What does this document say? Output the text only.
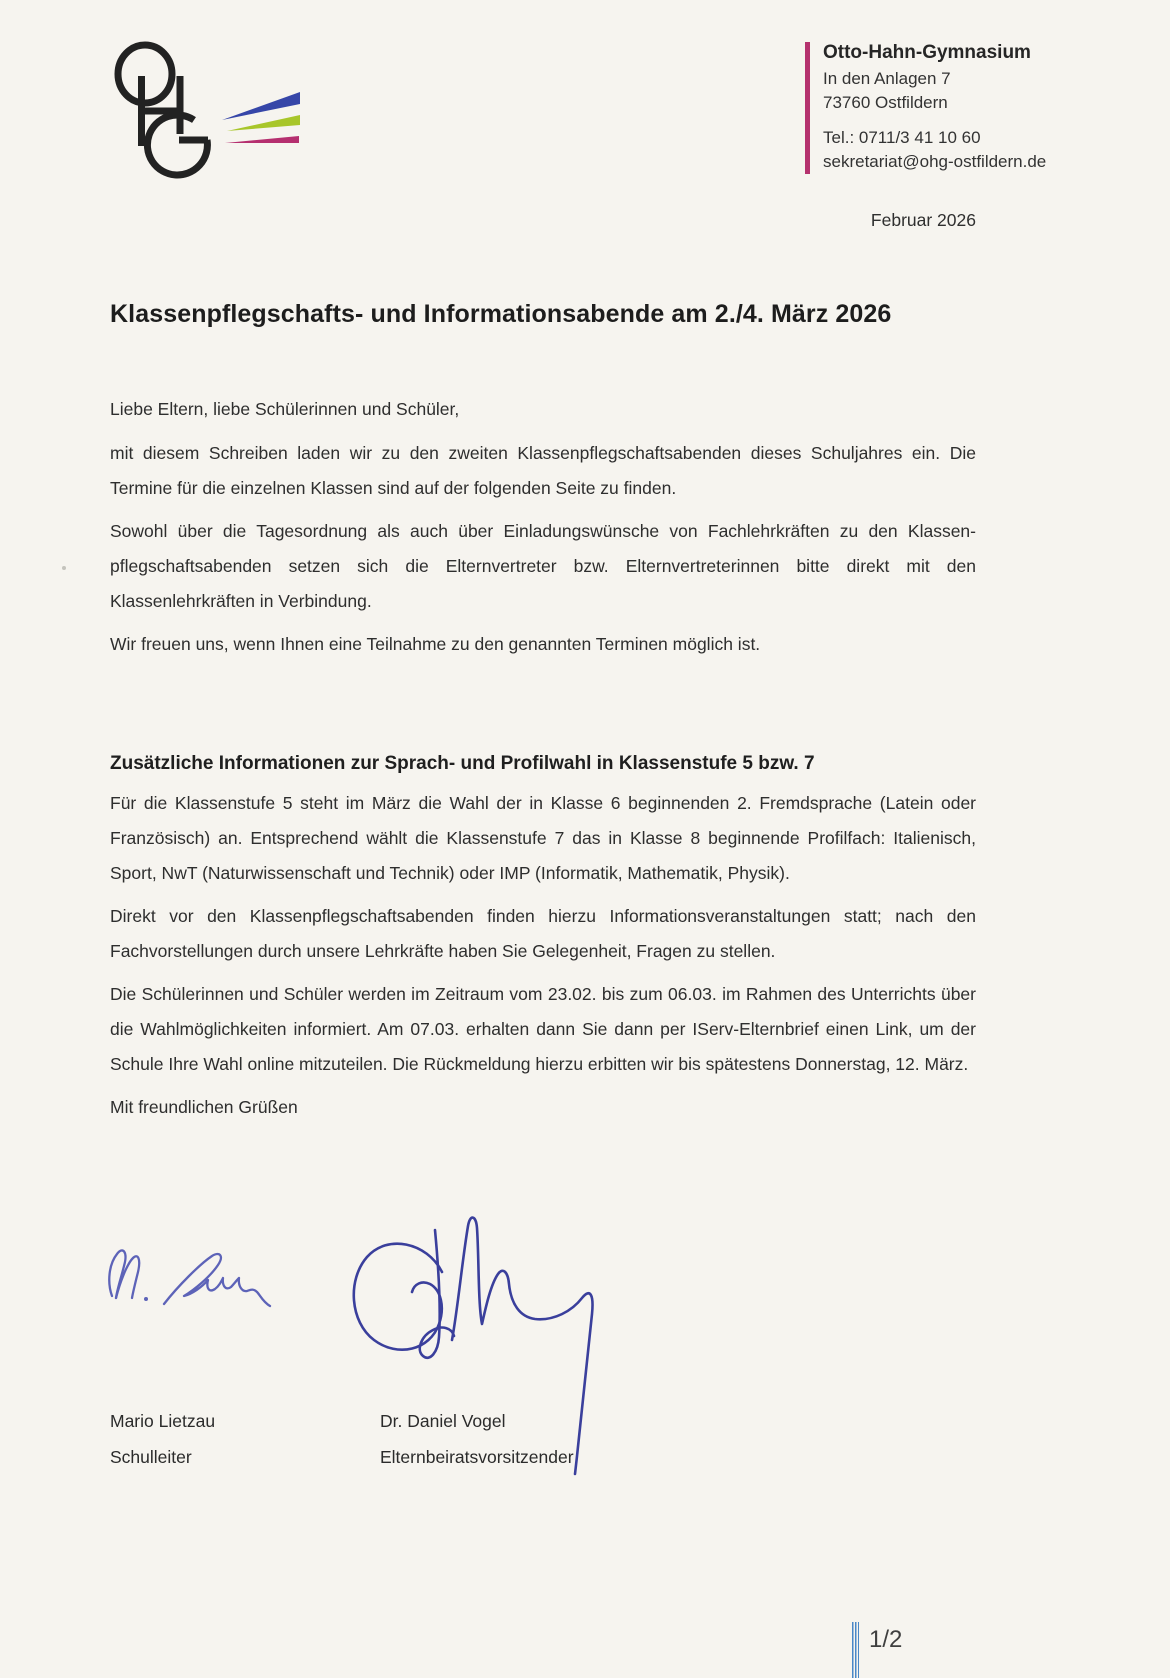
Otto-Hahn-Gymnasium
In den Anlagen 7
73760 Ostfildern
Tel.: 0711/3 41 10 60
sekretariat@ohg-ostfildern.de
Februar 2026
Klassenpflegschafts- und Informationsabende am 2./4. März 2026

Liebe Eltern, liebe Schülerinnen und Schüler,

mit diesem Schreiben laden wir zu den zweiten Klassenpflegschaftsabenden dieses Schuljahres ein. Die Termine für die einzelnen Klassen sind auf der folgenden Seite zu finden.

Sowohl über die Tagesordnung als auch über Einladungswünsche von Fachlehrkräften zu den Klassenpflegschaftsabenden setzen sich die Elternvertreter bzw. Elternvertreterinnen bitte direkt mit den Klassenlehrkräften in Verbindung.

Wir freuen uns, wenn Ihnen eine Teilnahme zu den genannten Terminen möglich ist.

Zusätzliche Informationen zur Sprach- und Profilwahl in Klassenstufe 5 bzw. 7

Für die Klassenstufe 5 steht im März die Wahl der in Klasse 6 beginnenden 2. Fremdsprache (Latein oder Französisch) an. Entsprechend wählt die Klassenstufe 7 das in Klasse 8 beginnende Profilfach: Italienisch, Sport, NwT (Naturwissenschaft und Technik) oder IMP (Informatik, Mathematik, Physik).

Direkt vor den Klassenpflegschaftsabenden finden hierzu Informationsveranstaltungen statt; nach den Fachvorstellungen durch unsere Lehrkräfte haben Sie Gelegenheit, Fragen zu stellen.

Die Schülerinnen und Schüler werden im Zeitraum vom 23.02. bis zum 06.03. im Rahmen des Unterrichts über die Wahlmöglichkeiten informiert. Am 07.03. erhalten dann Sie dann per IServ-Elternbrief einen Link, um der Schule Ihre Wahl online mitzuteilen. Die Rückmeldung hierzu erbitten wir bis spätestens Donnerstag, 12. März.

Mit freundlichen Grüßen

Mario Lietzau
Schulleiter
Dr. Daniel Vogel
Elternbeiratsvorsitzender
1/2
